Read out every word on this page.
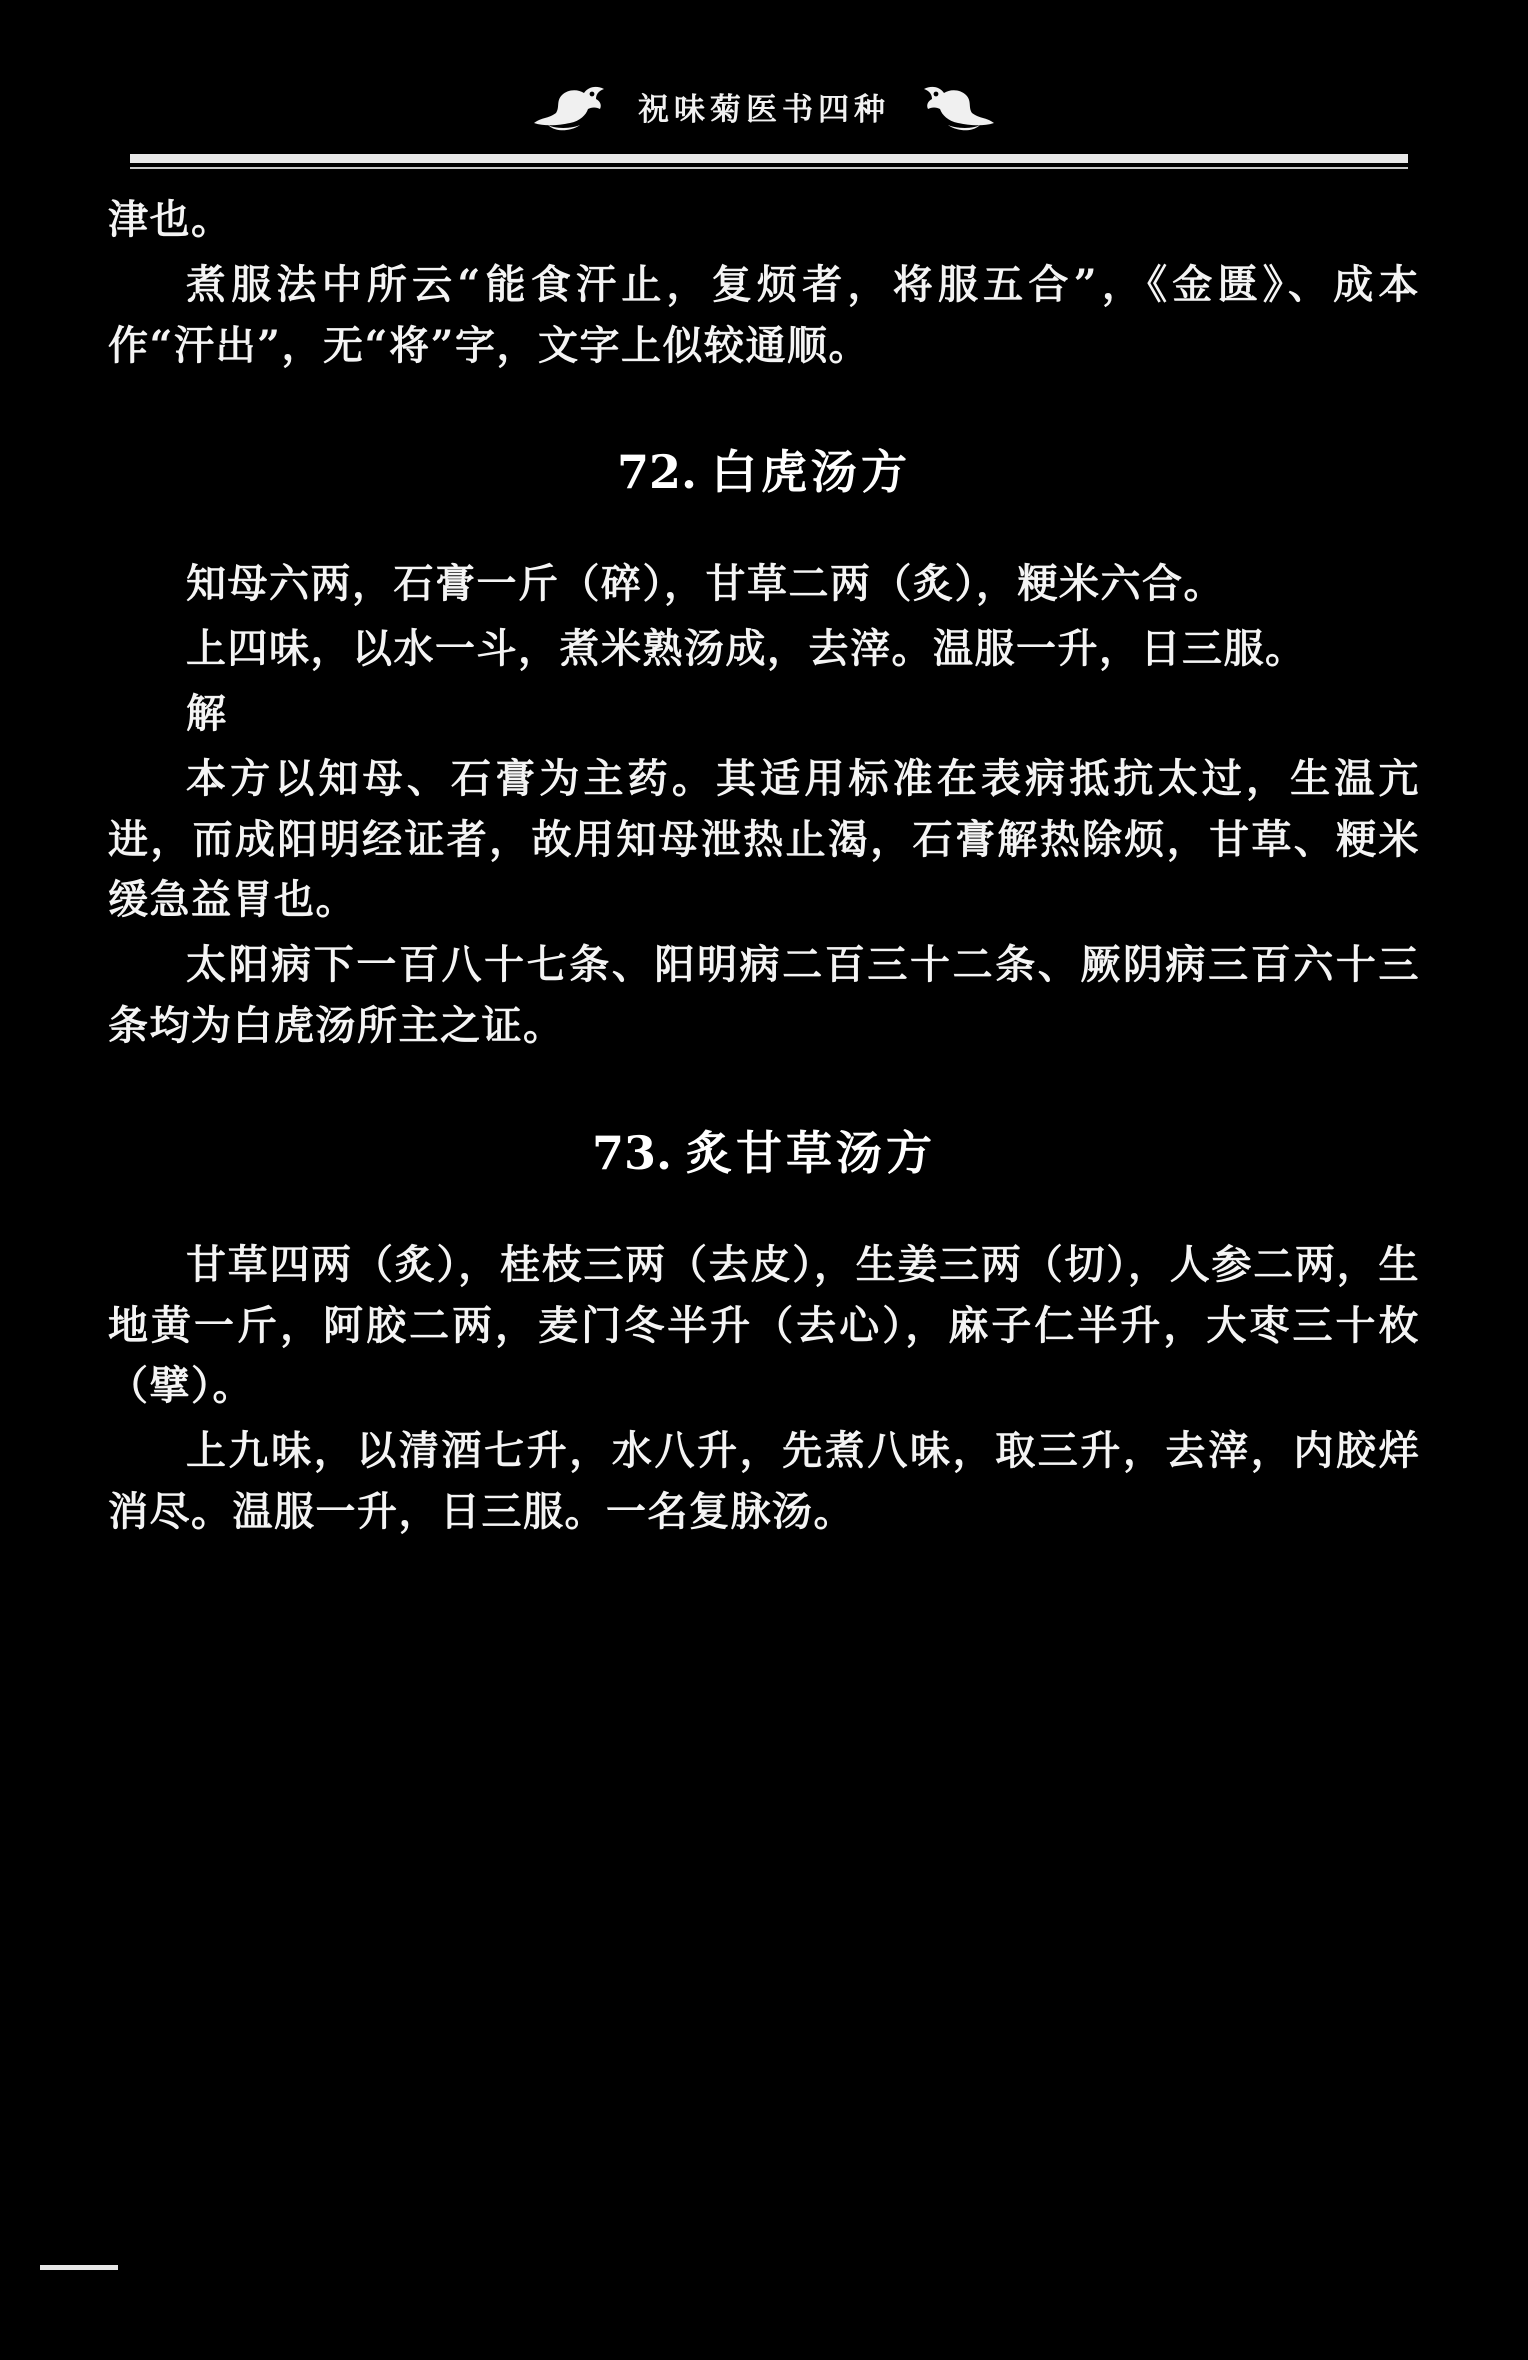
祝味菊医书四种

津也。

煮服法中所云“能食汗止，复烦者，将服五合”，《金匮》、成本作“汗出”，无“将”字，文字上似较通顺。

72. 白虎汤方

知母六两，石膏一斤（碎），甘草二两（炙），粳米六合。

上四味，以水一斗，煮米熟汤成，去滓。温服一升，日三服。

解

本方以知母、石膏为主药。其适用标准在表病抵抗太过，生温亢进，而成阳明经证者，故用知母泄热止渴，石膏解热除烦，甘草、粳米缓急益胃也。

太阳病下一百八十七条、阳明病二百三十二条、厥阴病三百六十三条均为白虎汤所主之证。

73. 炙甘草汤方

甘草四两（炙），桂枝三两（去皮），生姜三两（切），人参二两，生地黄一斤，阿胶二两，麦门冬半升（去心），麻子仁半升，大枣三十枚（擘）。

上九味，以清酒七升，水八升，先煮八味，取三升，去滓，内胶烊消尽。温服一升，日三服。一名复脉汤。
